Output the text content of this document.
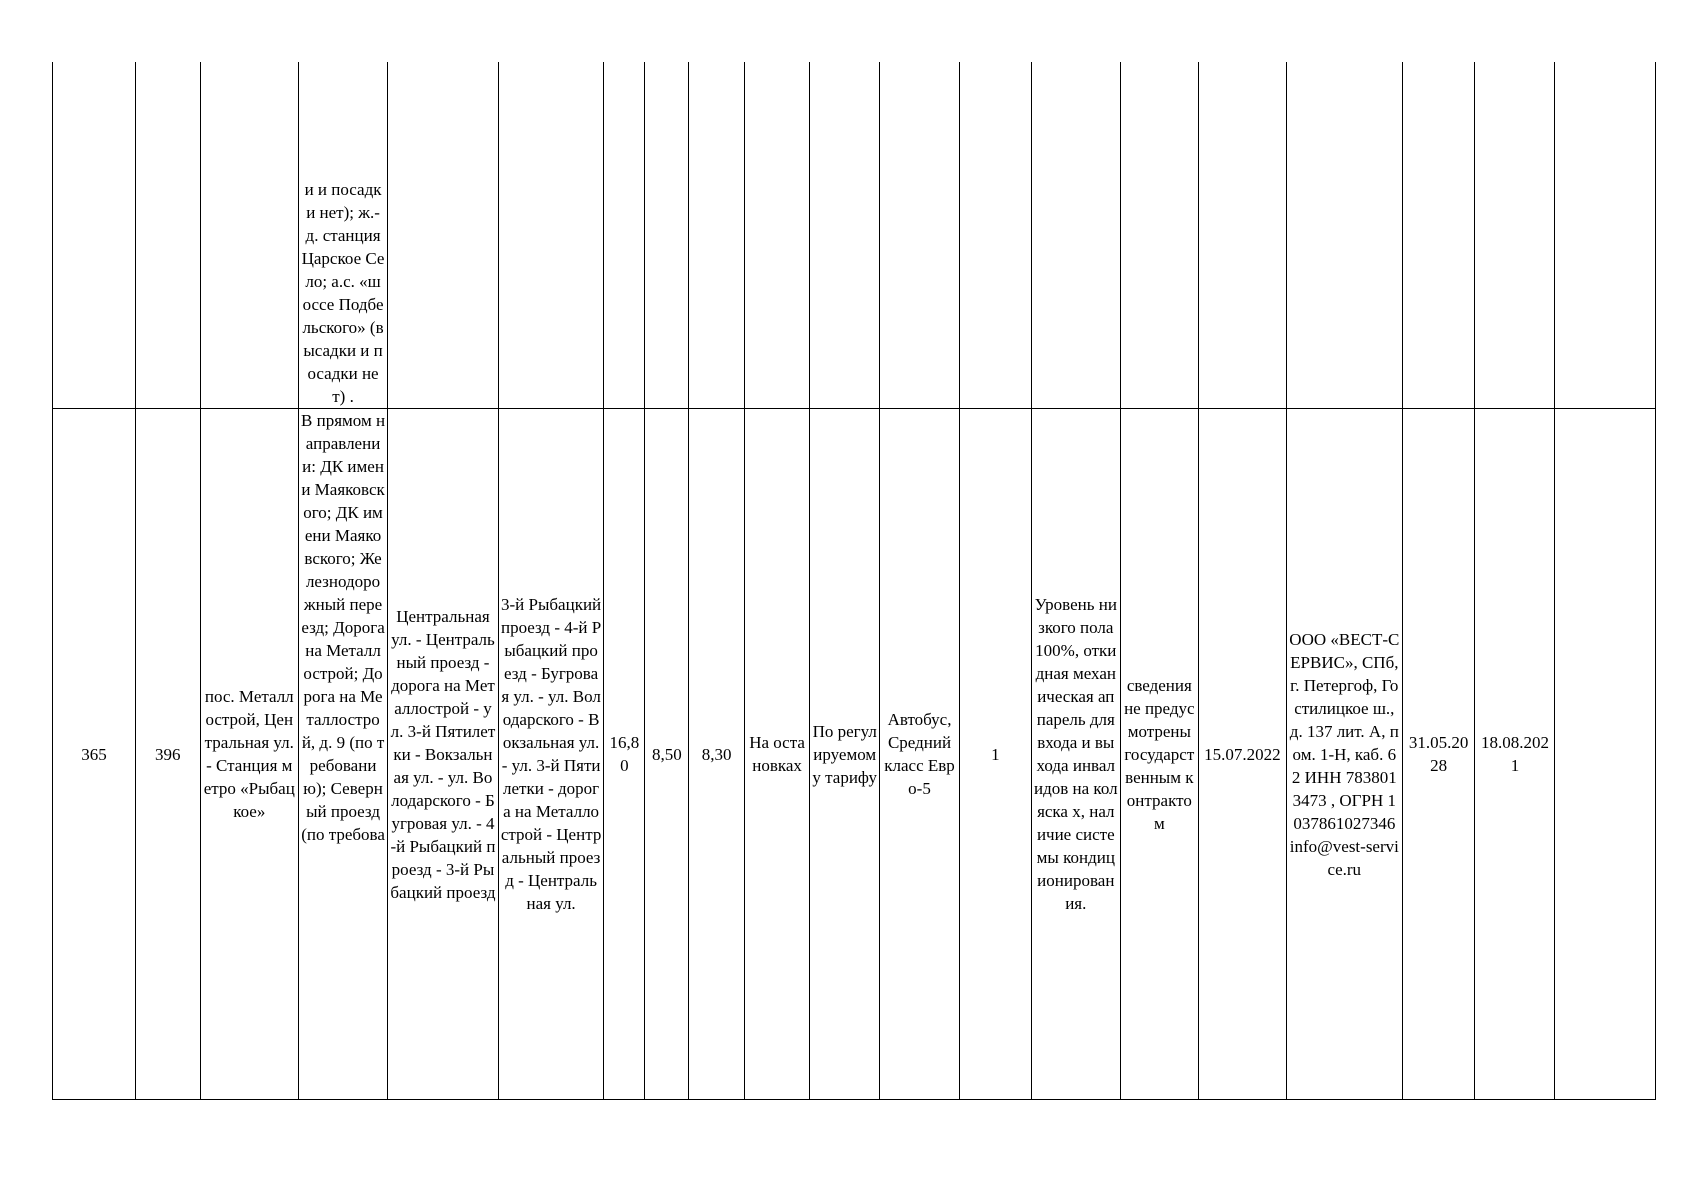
			и и посадки нет); ж.-д. станция Царское Село; а.с. «шоссе Подбельского» (высадки и посадки нет) .																
365	396	пос. Металлострой, Центральная ул. - Станция метро «Рыбацкое»	В прямом направлении: ДК имени Маяковского; ДК имени Маяковского; Железнодорожный переезд; Дорога на Металлострой; Дорога на Металлострой, д. 9 (по требованию); Северный проезд (по требова	Центральная ул. - Центральный проезд - дорога на Металлострой - ул. 3-й Пятилетки - Вокзальная ул. - ул. Володарского - Бугровая ул. - 4-й Рыбацкий проезд - 3-й Рыбацкий проезд	3-й Рыбацкий проезд - 4-й Рыбацкий проезд - Бугровая ул. - ул. Володарского - Вокзальная ул. - ул. 3-й Пятилетки - дорога на Металлострой - Центральный проезд - Центральная ул.	16,80	8,50	8,30	На остановках	По регулируемому тарифу	Автобус, Средний класс Евро-5	1	Уровень низкого пола 100%, откидная механическая аппарель для входа и выхода инвалидов на коляска х, наличие системы кондиционирования.	сведения не предусмотрены государственным контрактом	15.07.2022	ООО «ВЕСТ-СЕРВИС», СПб, г. Петергоф, Гостилицкое ш., д. 137 лит. А, пом. 1-Н, каб. 62 ИНН 7838013473 , ОГРН 1037861027346 info@vest-service.ru	31.05.2028	18.08.2021	
